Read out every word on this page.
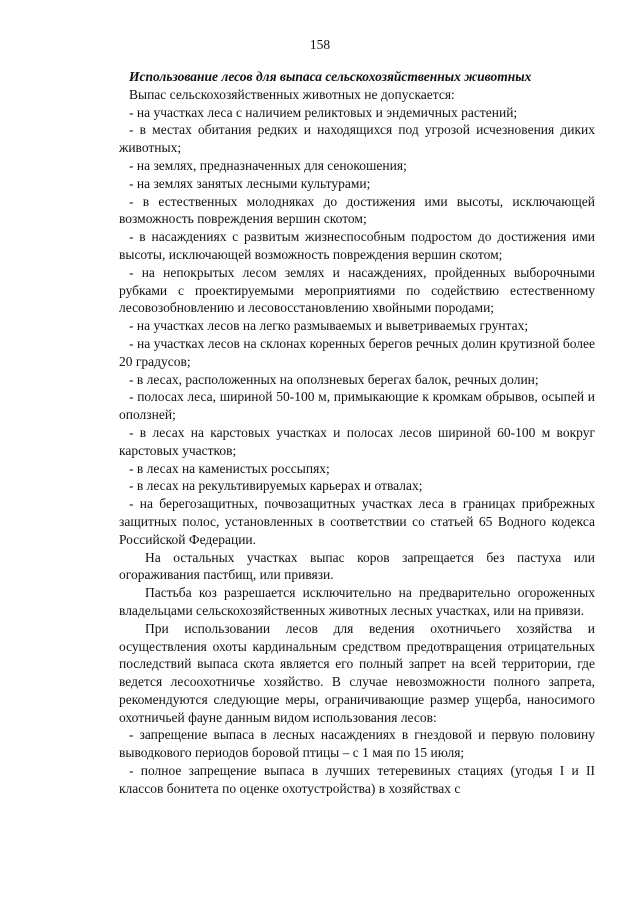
158

Использование лесов для выпаса сельскохозяйственных животных

Выпас сельскохозяйственных животных не допускается:

- на участках леса с наличием реликтовых и эндемичных растений;

- в местах обитания редких и находящихся под угрозой исчезновения диких животных;

- на землях, предназначенных для сенокошения;

- на землях занятых лесными культурами;

- в естественных молодняках до достижения ими высоты, исключающей возможность повреждения вершин скотом;

- в насаждениях с развитым жизнеспособным подростом до достижения ими высоты, исключающей возможность повреждения вершин скотом;

- на непокрытых лесом землях и насаждениях, пройденных выборочными рубками с проектируемыми мероприятиями по содействию естественному лесовозобновлению и лесовосстановлению хвойными породами;

- на участках лесов на легко размываемых и выветриваемых грунтах;

- на участках лесов на склонах коренных берегов речных долин крутизной более 20 градусов;

- в лесах, расположенных на оползневых берегах балок, речных долин;

- полосах леса, шириной 50-100 м, примыкающие к кромкам обрывов, осыпей и оползней;

- в лесах на карстовых участках и полосах лесов шириной 60-100 м вокруг карстовых участков;

- в лесах на каменистых россыпях;

- в лесах на рекультивируемых карьерах и отвалах;

- на берегозащитных, почвозащитных участках леса в границах прибрежных защитных полос, установленных в соответствии со статьей 65 Водного кодекса Российской Федерации.

На остальных участках выпас коров запрещается без пастуха или огораживания пастбищ, или привязи.

Пастьба коз разрешается исключительно на предварительно огороженных владельцами сельскохозяйственных животных лесных участках, или на привязи.

При использовании лесов для ведения охотничьего хозяйства и осуществления охоты кардинальным средством предотвращения отрицательных последствий выпаса скота является его полный запрет на всей территории, где ведется лесоохотничье хозяйство. В случае невозможности полного запрета, рекомендуются следующие меры, ограничивающие размер ущерба, наносимого охотничьей фауне данным видом использования лесов:

- запрещение выпаса в лесных насаждениях в гнездовой и первую половину выводкового периодов боровой птицы – с 1 мая по 15 июля;

- полное запрещение выпаса в лучших тетеревиных стациях (угодья I и II классов бонитета по оценке охотустройства) в хозяйствах с
